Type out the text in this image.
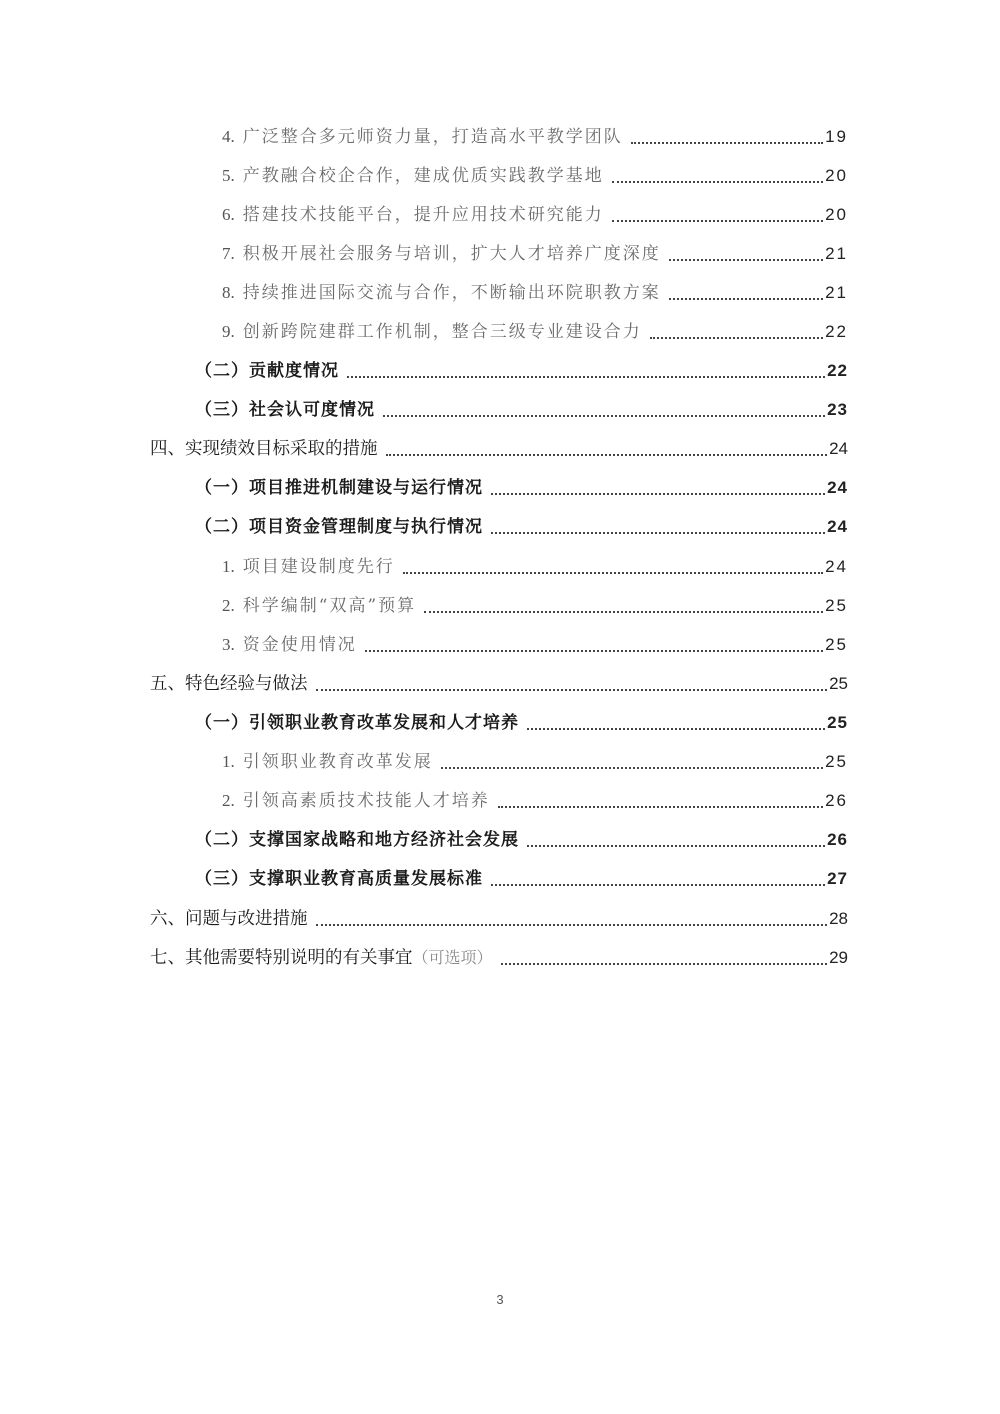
4. 广泛整合多元师资力量，打造高水平教学团队	19
5. 产教融合校企合作，建成优质实践教学基地	20
6. 搭建技术技能平台，提升应用技术研究能力	20
7. 积极开展社会服务与培训，扩大人才培养广度深度	21
8. 持续推进国际交流与合作，不断输出环院职教方案	21
9. 创新跨院建群工作机制，整合三级专业建设合力	22
（二） 贡献度情况	22
（三） 社会认可度情况	23
四、 实现绩效目标采取的措施	24
（一） 项目推进机制建设与运行情况	24
（二） 项目资金管理制度与执行情况	24
1. 项目建设制度先行	24
2. 科学编制“双高”预算	25
3. 资金使用情况	25
五、 特色经验与做法	25
（一） 引领职业教育改革发展和人才培养	25
1. 引领职业教育改革发展	25
2. 引领高素质技术技能人才培养	26
（二） 支撑国家战略和地方经济社会发展	26
（三） 支撑职业教育高质量发展标准	27
六、 问题与改进措施	28
七、 其他需要特别说明的有关事宜 （可选项）	29
3
